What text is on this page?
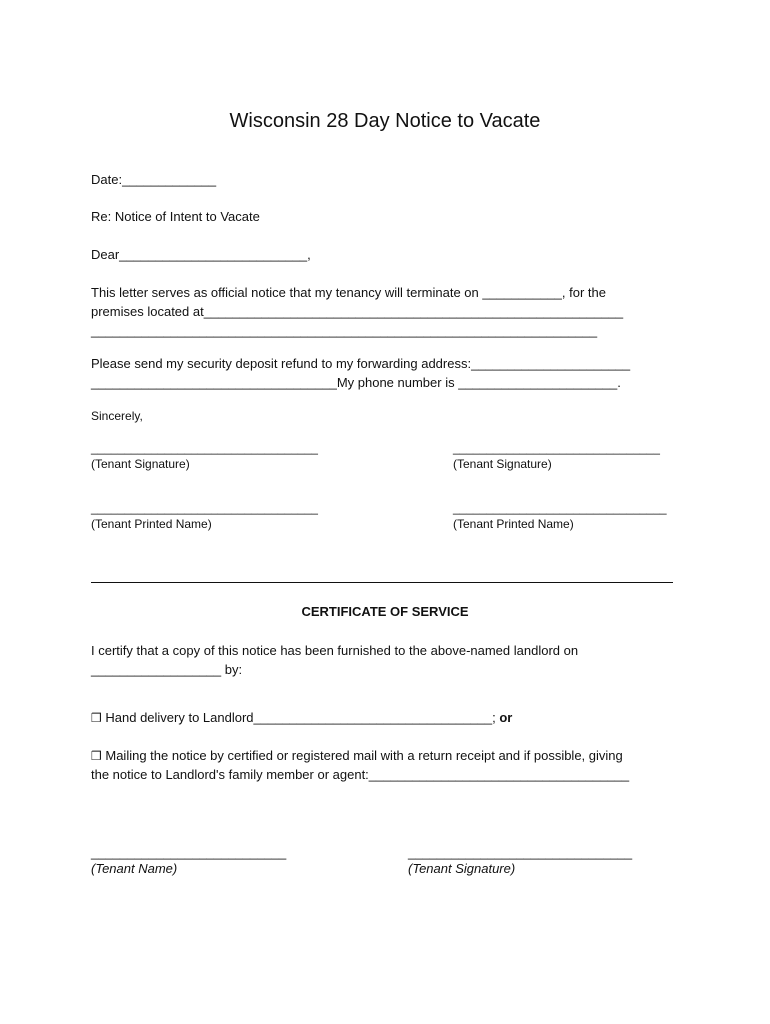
Wisconsin 28 Day Notice to Vacate
Date:_____________
Re: Notice of Intent to Vacate
Dear__________________________,
This letter serves as official notice that my tenancy will terminate on ___________, for the
premises located at__________________________________________________________
______________________________________________________________________
Please send my security deposit refund to my forwarding address:______________________
__________________________________My phone number is ______________________.
Sincerely,
__________________________________
(Tenant Signature)
_______________________________
(Tenant Signature)
__________________________________
(Tenant Printed Name)
________________________________
(Tenant Printed Name)
CERTIFICATE OF SERVICE
I certify that a copy of this notice has been furnished to the above-named landlord on
__________________ by:
❒ Hand delivery to Landlord_________________________________; or
❒ Mailing the notice by certified or registered mail with a return receipt and if possible, giving
the notice to Landlord's family member or agent:____________________________________
___________________________
(Tenant Name)
_______________________________
(Tenant Signature)
